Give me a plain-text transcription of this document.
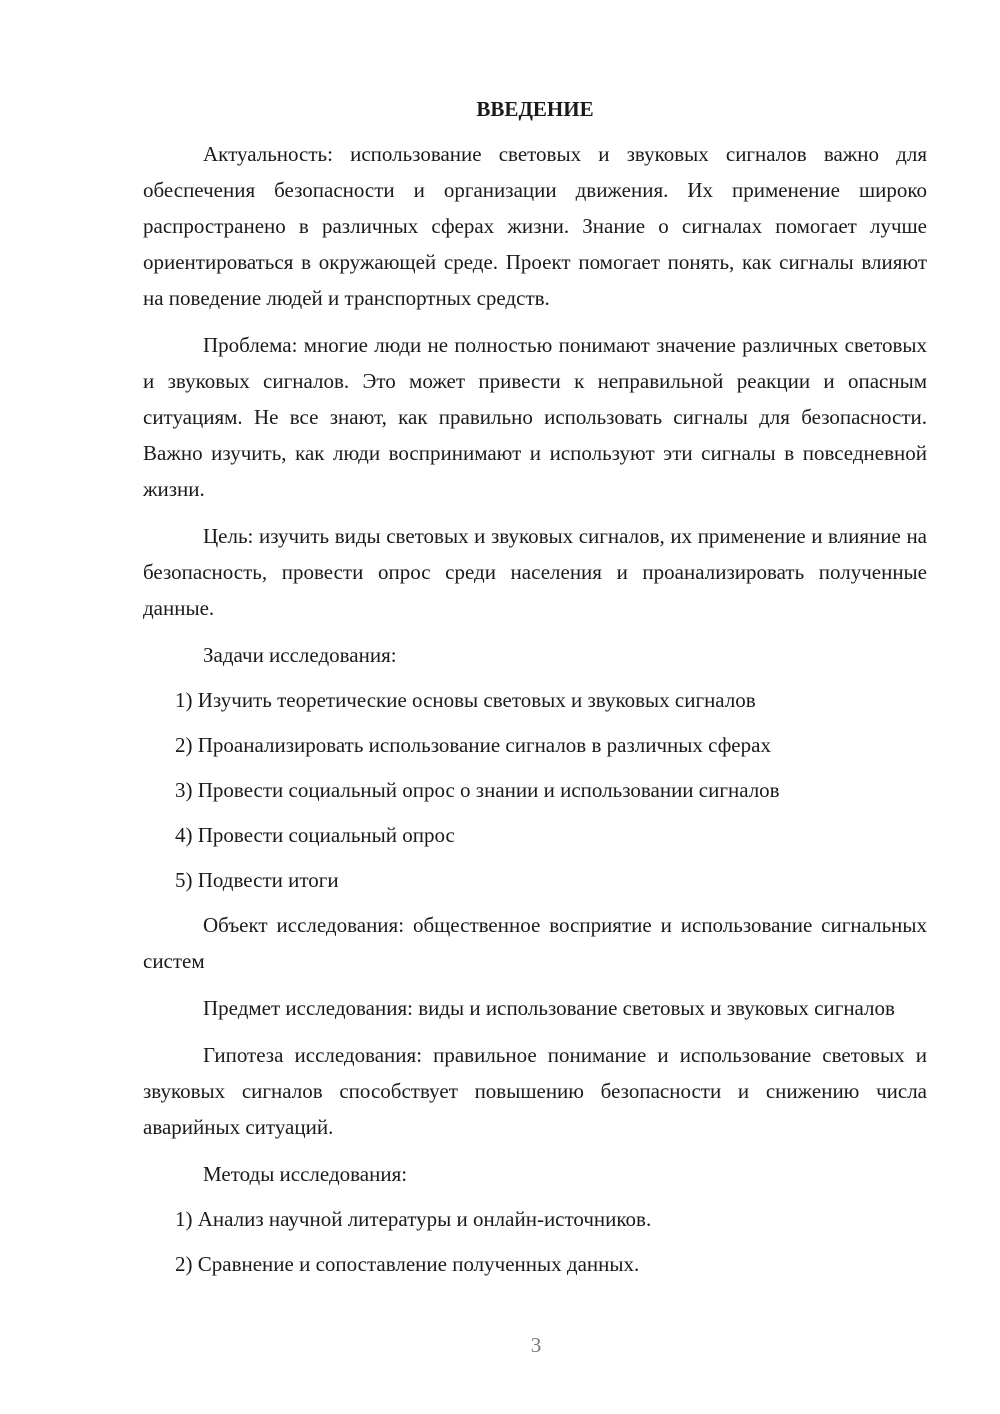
ВВЕДЕНИЕ

Актуальность: использование световых и звуковых сигналов важно для обеспечения безопасности и организации движения. Их применение широко распространено в различных сферах жизни. Знание о сигналах помогает лучше ориентироваться в окружающей среде. Проект помогает понять, как сигналы влияют на поведение людей и транспортных средств.

Проблема: многие люди не полностью понимают значение различных световых и звуковых сигналов. Это может привести к неправильной реакции и опасным ситуациям. Не все знают, как правильно использовать сигналы для безопасности. Важно изучить, как люди воспринимают и используют эти сигналы в повседневной жизни.

Цель: изучить виды световых и звуковых сигналов, их применение и влияние на безопасность, провести опрос среди населения и проанализировать полученные данные.

Задачи исследования:
1) Изучить теоретические основы световых и звуковых сигналов
2) Проанализировать использование сигналов в различных сферах
3) Провести социальный опрос о знании и использовании сигналов
4) Провести социальный опрос
5) Подвести итоги

Объект исследования: общественное восприятие и использование сигнальных систем

Предмет исследования: виды и использование световых и звуковых сигналов

Гипотеза исследования: правильное понимание и использование световых и звуковых сигналов способствует повышению безопасности и снижению числа аварийных ситуаций.

Методы исследования:
1) Анализ научной литературы и онлайн-источников.
2) Сравнение и сопоставление полученных данных.
3
